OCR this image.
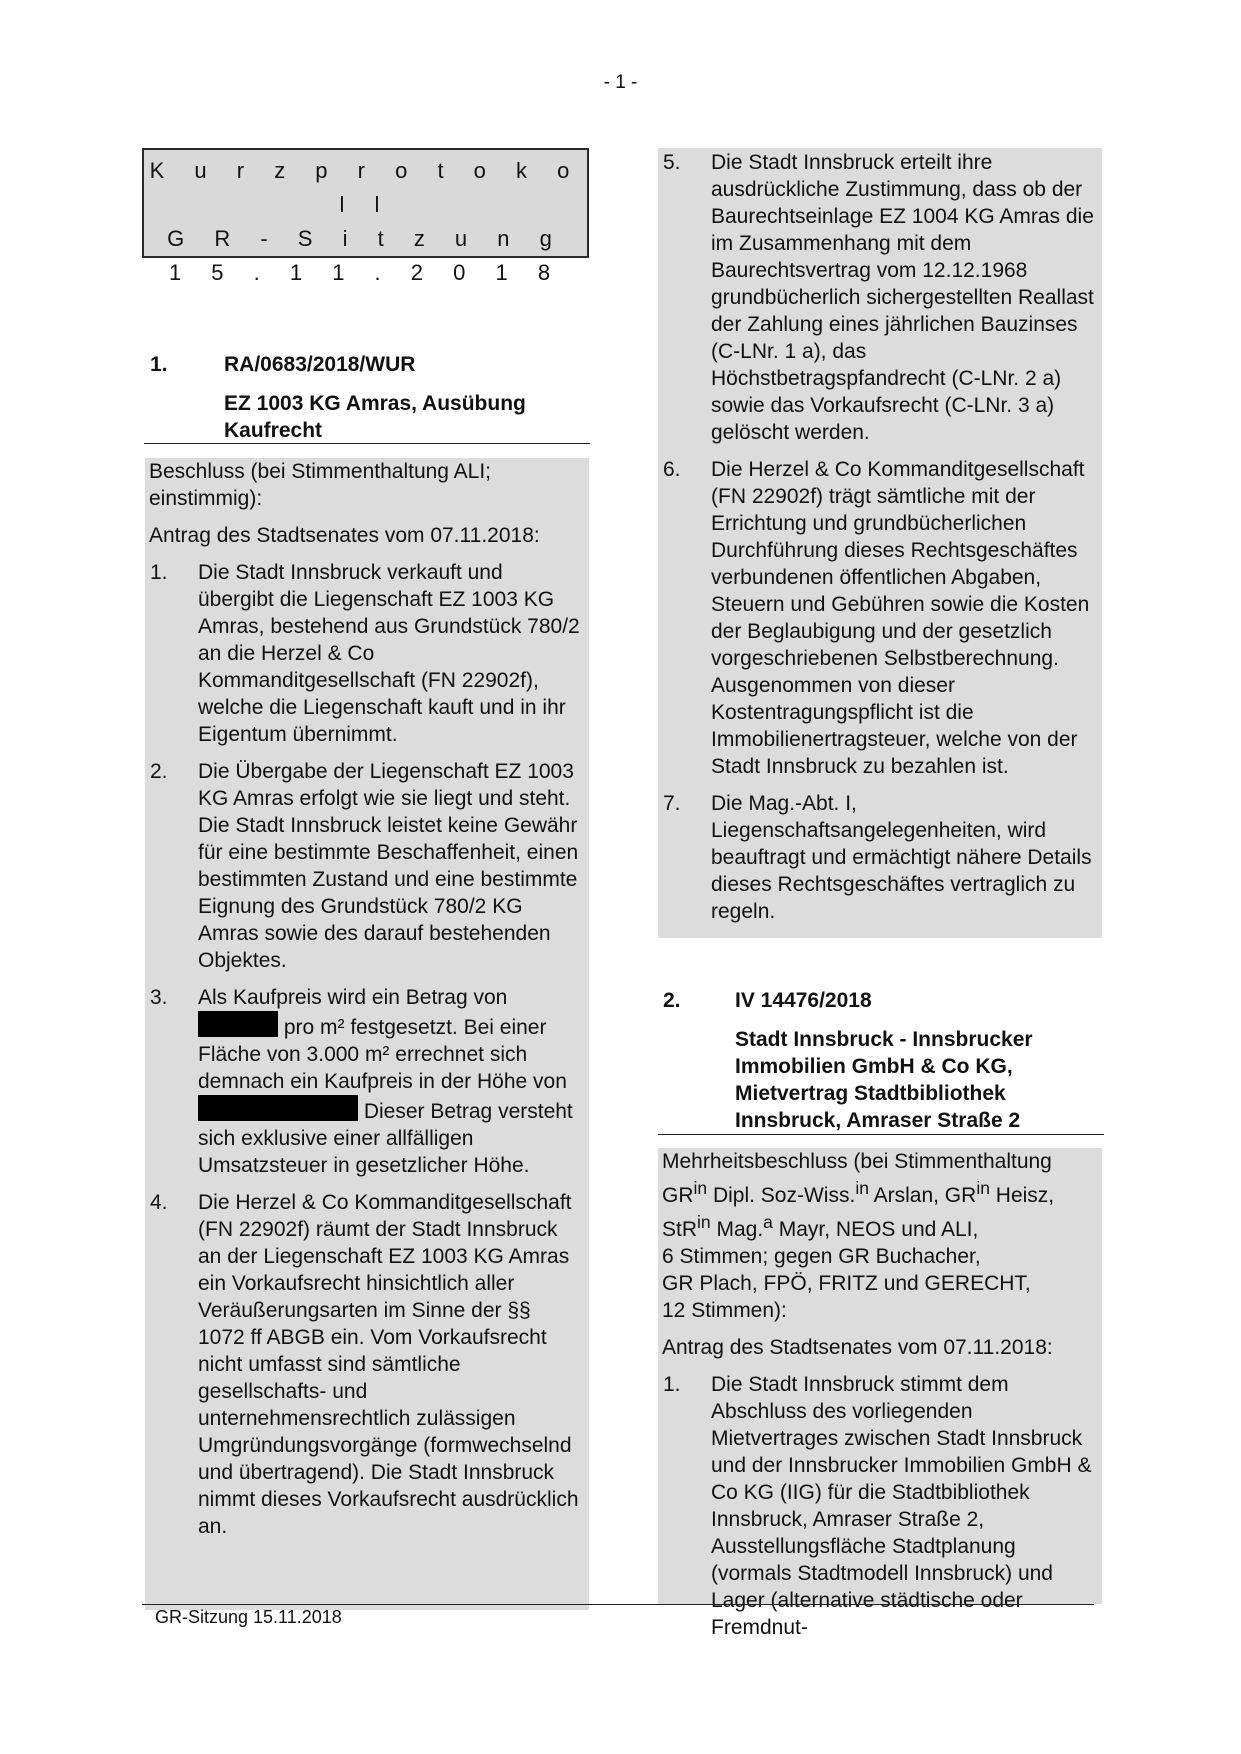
- 1 -
K u r z p r o t o k o l l
G R - S i t z u n g
1 5 . 1 1 . 2 0 1 8
1.	RA/0683/2018/WUR
EZ 1003 KG Amras, Ausübung
Kaufrecht

Beschluss (bei Stimmenthaltung ALI; einstimmig):

Antrag des Stadtsenates vom 07.11.2018:

1. Die Stadt Innsbruck verkauft und übergibt die Liegenschaft EZ 1003 KG Amras, bestehend aus Grundstück 780/2 an die Herzel & Co Kommanditgesellschaft (FN 22902f), welche die Liegenschaft kauft und in ihr Eigentum übernimmt.
2. Die Übergabe der Liegenschaft EZ 1003 KG Amras erfolgt wie sie liegt und steht. Die Stadt Innsbruck leistet keine Gewähr für eine bestimmte Beschaffenheit, einen bestimmten Zustand und eine bestimmte Eignung des Grundstück 780/2 KG Amras sowie des darauf bestehenden Objektes.
3. Als Kaufpreis wird ein Betrag von  pro m² festgesetzt. Bei einer Fläche von 3.000 m² errechnet sich demnach ein Kaufpreis in der Höhe von Dieser Betrag versteht sich exklusive einer allfälligen Umsatzsteuer in gesetzlicher Höhe.
4. Die Herzel & Co Kommanditgesellschaft (FN 22902f) räumt der Stadt Innsbruck an der Liegenschaft EZ 1003 KG Amras ein Vorkaufsrecht hinsichtlich aller Veräußerungsarten im Sinne der §§ 1072 ff ABGB ein. Vom Vorkaufsrecht nicht umfasst sind sämtliche gesellschafts- und unternehmensrechtlich zulässigen Umgründungsvorgänge (formwechselnd und übertragend). Die Stadt Innsbruck nimmt dieses Vorkaufsrecht ausdrücklich an.
5. Die Stadt Innsbruck erteilt ihre ausdrückliche Zustimmung, dass ob der Baurechtseinlage EZ 1004 KG Amras die im Zusammenhang mit dem Baurechtsvertrag vom 12.12.1968 grundbücherlich sichergestellten Reallast der Zahlung eines jährlichen Bauzinses (C-LNr. 1 a), das Höchstbetragspfandrecht (C-LNr. 2 a) sowie das Vorkaufsrecht (C-LNr. 3 a) gelöscht werden.
6. Die Herzel & Co Kommanditgesellschaft (FN 22902f) trägt sämtliche mit der Errichtung und grundbücherlichen Durchführung dieses Rechtsgeschäftes verbundenen öffentlichen Abgaben, Steuern und Gebühren sowie die Kosten der Beglaubigung und der gesetzlich vorgeschriebenen Selbstberechnung. Ausgenommen von dieser Kostentragungspflicht ist die Immobilienertragsteuer, welche von der Stadt Innsbruck zu bezahlen ist.
7. Die Mag.-Abt. I, Liegenschaftsangelegenheiten, wird beauftragt und ermächtigt nähere Details dieses Rechtsgeschäftes vertraglich zu regeln.
2.	IV 14476/2018
Stadt Innsbruck - Innsbrucker
Immobilien GmbH & Co KG,
Mietvertrag Stadtbibliothek
Innsbruck, Amraser Straße 2
Mehrheitsbeschluss (bei Stimmenthaltung $GR^{in}$ Dipl. Soz-Wiss.$^{in}$ Arslan, $GR^{in}$ Heisz, StR$^{in}$ Mag.$^a$ Mayr, NEOS und ALI,
6 Stimmen; gegen GR Buchacher,
GR Plach, FPÖ, FRITZ und GERECHT,
12 Stimmen):

Antrag des Stadtsenates vom 07.11.2018:

1. Die Stadt Innsbruck stimmt dem Abschluss des vorliegenden Mietvertrages zwischen Stadt Innsbruck und der Innsbrucker Immobilien GmbH & Co KG (IIG) für die Stadtbibliothek Innsbruck, Amraser Straße 2, Ausstellungsfläche Stadtplanung (vormals Stadtmodell Innsbruck) und Lager (alternative städtische oder Fremdnut-
GR-Sitzung 15.11.2018
